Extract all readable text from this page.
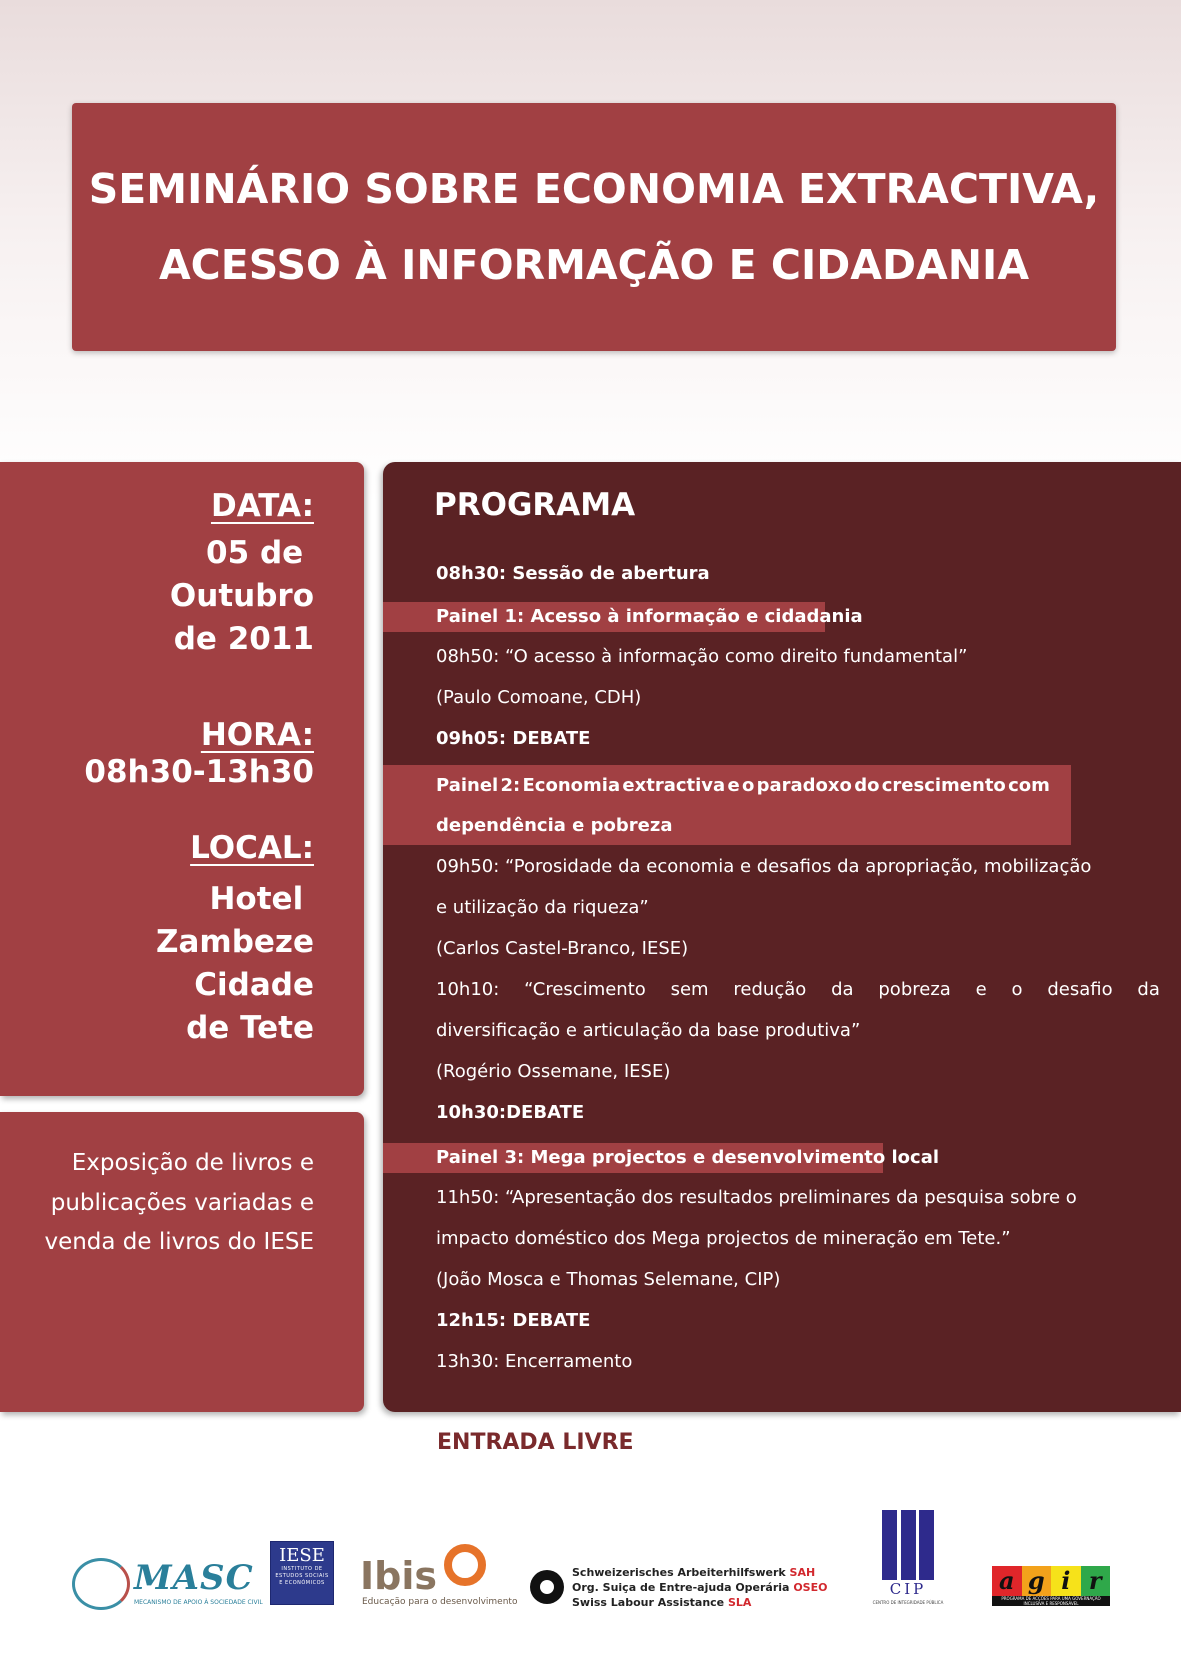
SEMINÁRIO SOBRE ECONOMIA EXTRACTIVA,
ACESSO À INFORMAÇÃO E CIDADANIA
DATA:
05 de
Outubro
de 2011
HORA:
08h30-13h30
LOCAL:
Hotel
Zambeze
Cidade
de Tete
Exposição de livros e publicações variadas e venda de livros do IESE
PROGRAMA
08h30: Sessão de abertura
Painel 1: Acesso à informação e cidadania
08h50: “O acesso à informação como direito fundamental”
(Paulo Comoane, CDH)
09h05: DEBATE
Painel 2: Economia extractiva e o paradoxo do crescimento com
dependência e pobreza
09h50: “Porosidade da economia e desafios da apropriação, mobilização
e utilização da riqueza”
(Carlos Castel-Branco, IESE)
10h10: “Crescimento sem redução da pobreza e o desafio da
diversificação e articulação da base produtiva”
(Rogério Ossemane, IESE)
10h30:DEBATE
Painel 3: Mega projectos e desenvolvimento local
11h50: “Apresentação dos resultados preliminares da pesquisa sobre o
impacto doméstico dos Mega projectos de mineração em Tete.”
(João Mosca e Thomas Selemane, CIP)
12h15: DEBATE
13h30: Encerramento
ENTRADA LIVRE
MASC
MECANISMO DE APOIO À SOCIEDADE CIVIL
IESE
INSTITUTO DE ESTUDOS SOCIAIS E ECONÓMICOS Ibis
Educação para o desenvolvimento
Schweizerisches Arbeiterhilfswerk SAH
Org. Suiça de Entre-ajuda Operária OSEO
Swiss Labour Assistance SLA
CIP
CENTRO DE INTEGRIDADE PÚBLICA
a g i r
PROGRAMA DE ACÇÕES PARA UMA GOVERNAÇÃO INCLUSIVA E RESPONSÁVEL
